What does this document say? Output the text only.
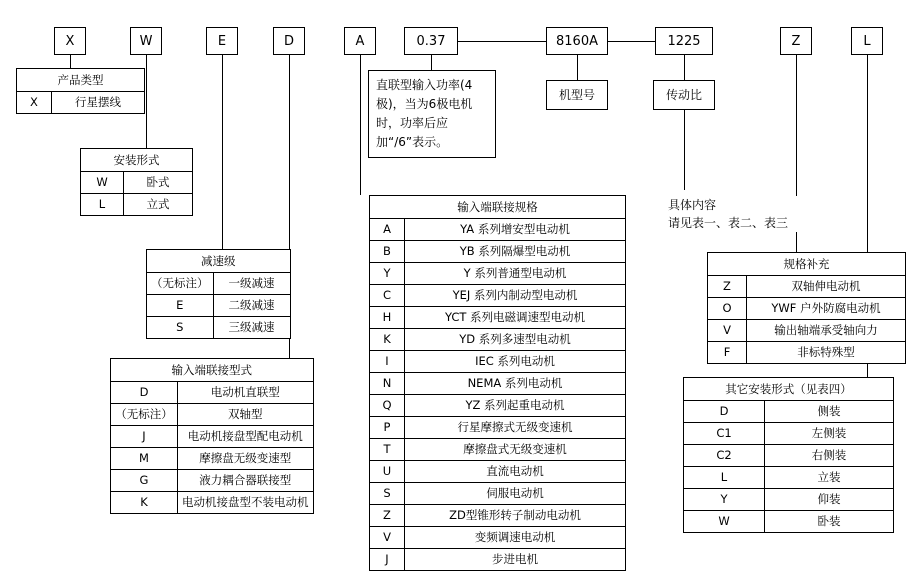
X	W	E	D	A	0.37	8160A	1225	Z	L
产品类型
X	行星摆线
安装形式	
W	卧式
L	立式
减速级	
（无标注）	一级减速
E	二级减速
S	三级减速
输入端联接型式	
D	电动机直联型
（无标注）	双轴型
J	电动机接盘型配电动机
M	摩擦盘无级变速型
G	液力耦合器联接型
K	电动机接盘型不装电动机
直联型输入功率(4极)，当为6极电机时，功率后应加“/6”表示。
机型号	传动比
具体内容
请见表一、表二、表三
输入端联接规格	
A	YA 系列增安型电动机
B	YB 系列隔爆型电动机
Y	Y 系列普通型电动机
C	YEJ 系列内制动型电动机
H	YCT 系列电磁调速型电动机
K	YD 系列多速型电动机
I	IEC 系列电动机
N	NEMA 系列电动机
Q	YZ 系列起重电动机
P	行星摩擦式无级变速机
T	摩擦盘式无级变速机
U	直流电动机
S	伺服电动机
Z	ZD型锥形转子制动电动机
V	变频调速电动机
J	步进电机
规格补充	
Z	双轴伸电动机
O	YWF 户外防腐电动机
V	输出轴端承受轴向力
F	非标特殊型
其它安装形式（见表四）	
D	侧装
C1	左侧装
C2	右侧装
L	立装
Y	仰装
W	卧装
